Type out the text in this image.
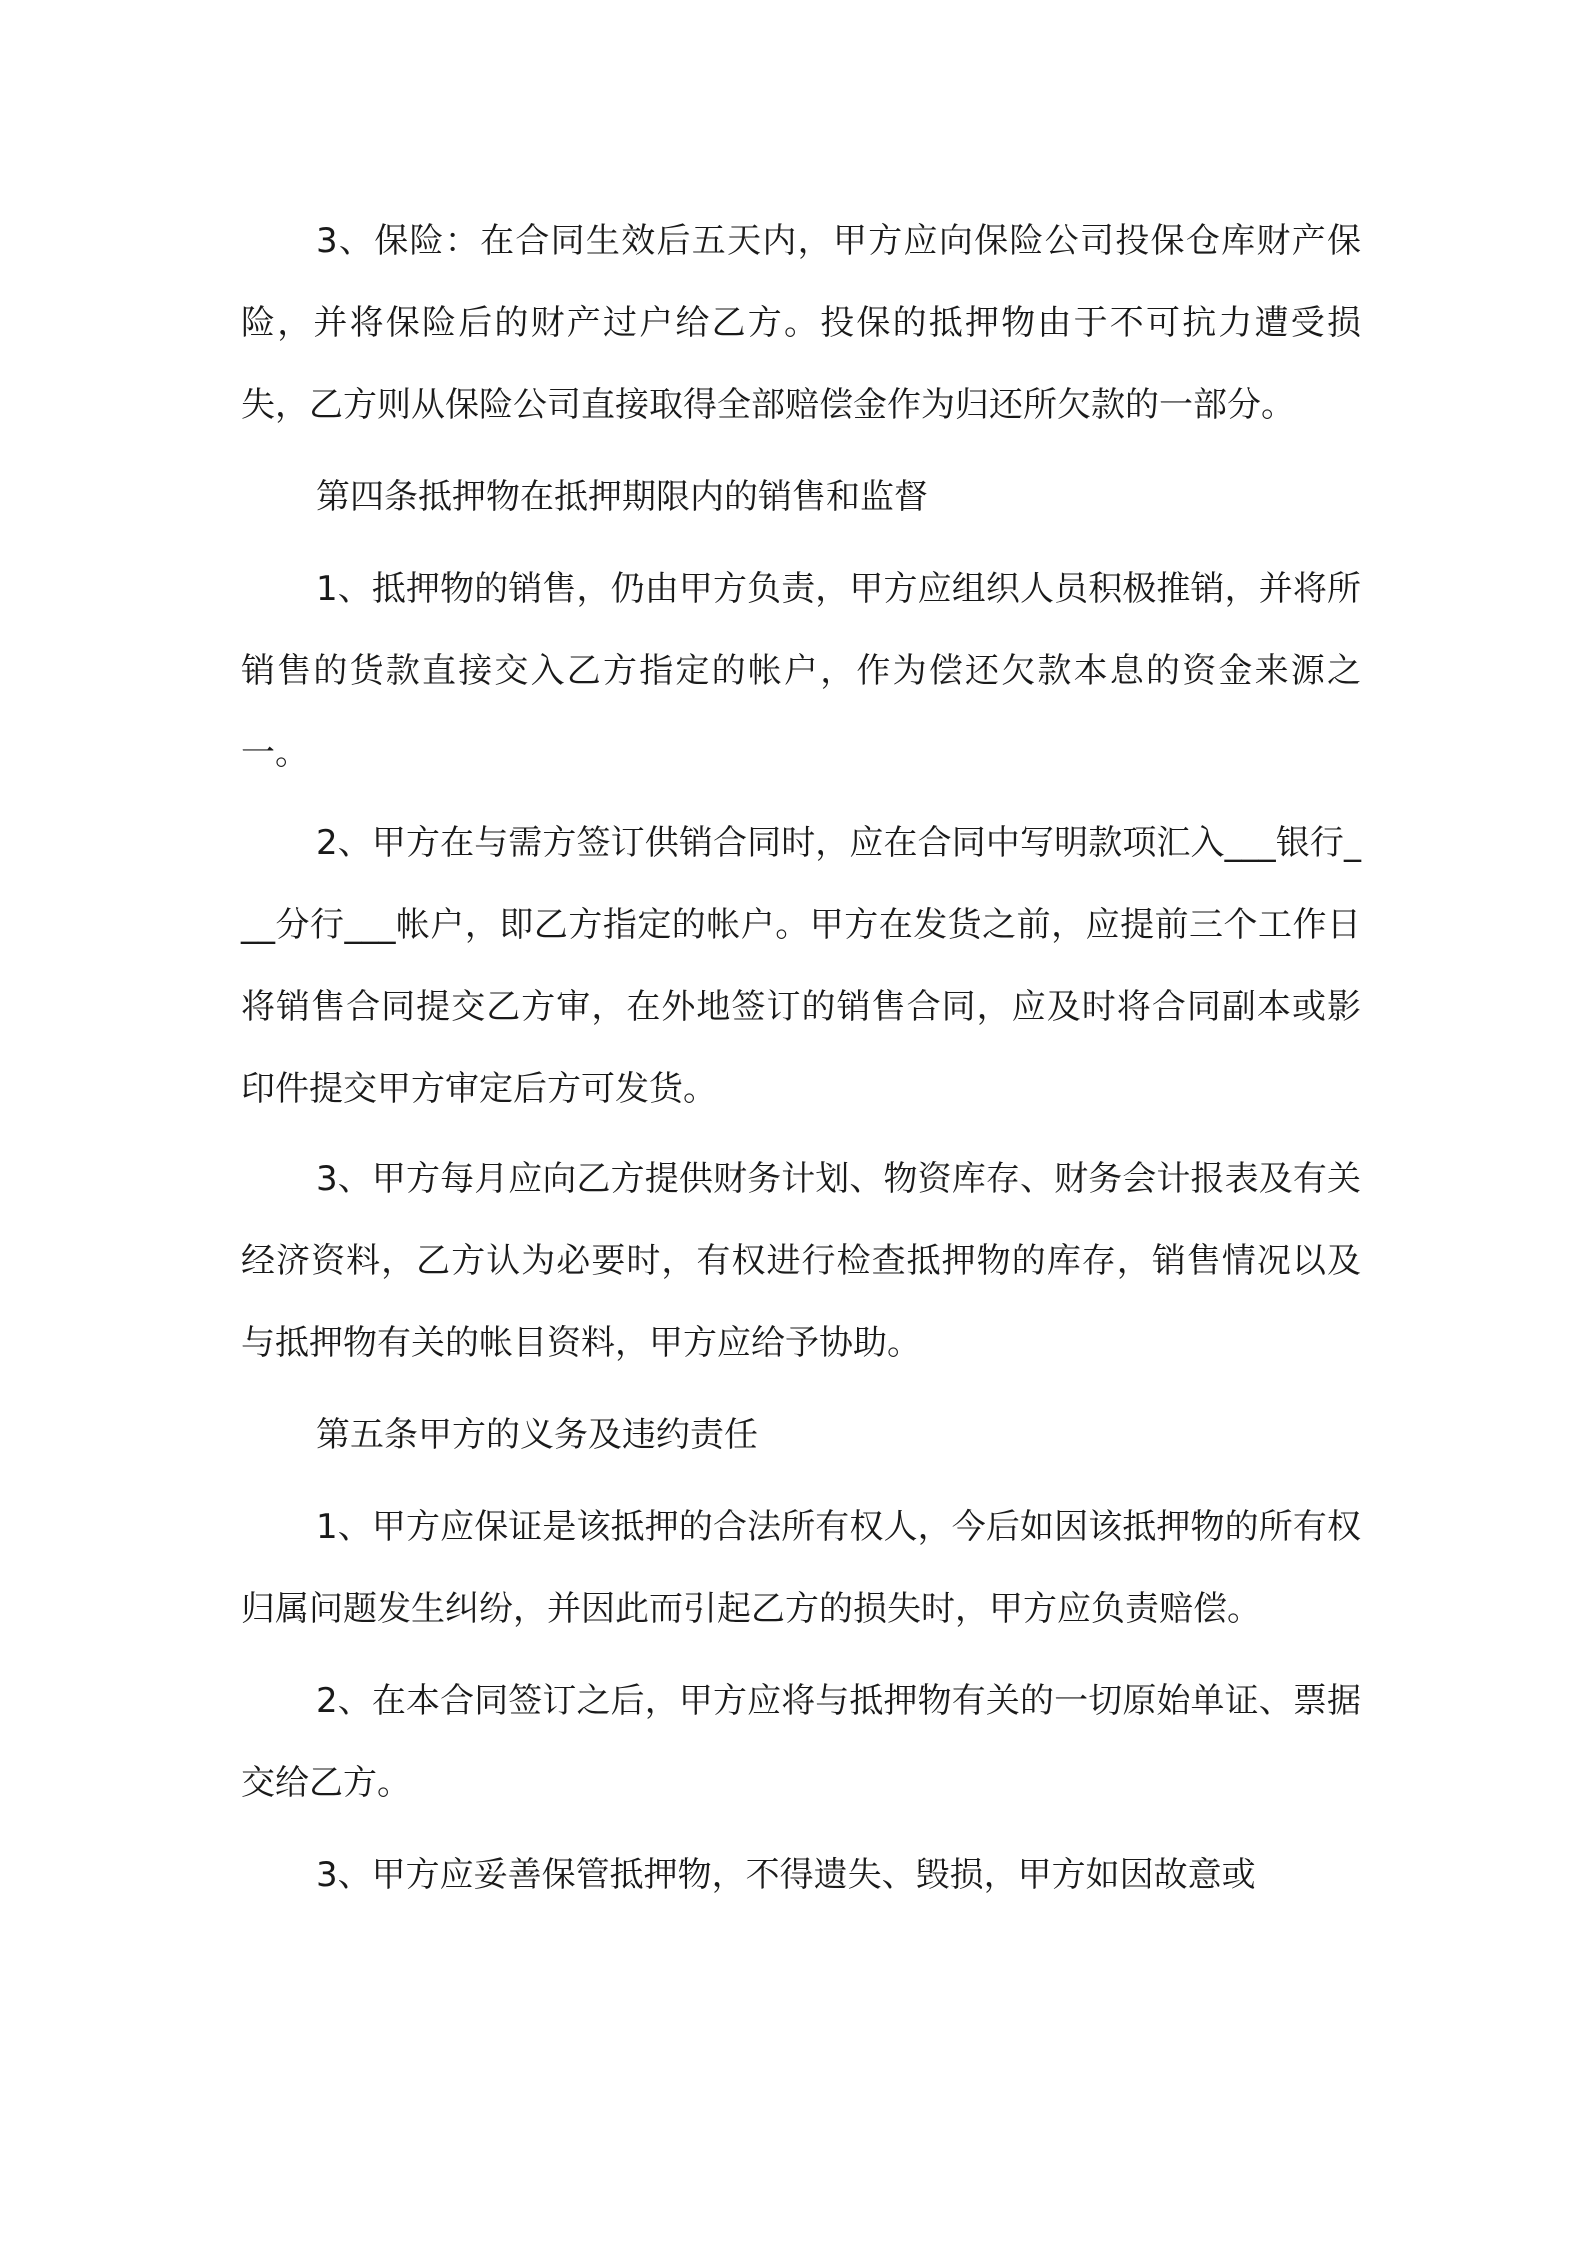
3、保险：在合同生效后五天内，甲方应向保险公司投保仓库财产保险，并将保险后的财产过户给乙方。投保的抵押物由于不可抗力遭受损失，乙方则从保险公司直接取得全部赔偿金作为归还所欠款的一部分。

第四条抵押物在抵押期限内的销售和监督

1、抵押物的销售，仍由甲方负责，甲方应组织人员积极推销，并将所销售的货款直接交入乙方指定的帐户，作为偿还欠款本息的资金来源之一。

2、甲方在与需方签订供销合同时，应在合同中写明款项汇入___银行___分行___帐户，即乙方指定的帐户。甲方在发货之前，应提前三个工作日将销售合同提交乙方审，在外地签订的销售合同，应及时将合同副本或影印件提交甲方审定后方可发货。

3、甲方每月应向乙方提供财务计划、物资库存、财务会计报表及有关经济资料，乙方认为必要时，有权进行检查抵押物的库存，销售情况以及与抵押物有关的帐目资料，甲方应给予协助。

第五条甲方的义务及违约责任

1、甲方应保证是该抵押的合法所有权人，今后如因该抵押物的所有权归属问题发生纠纷，并因此而引起乙方的损失时，甲方应负责赔偿。

2、在本合同签订之后，甲方应将与抵押物有关的一切原始单证、票据交给乙方。

3、甲方应妥善保管抵押物，不得遗失、毁损，甲方如因故意或
